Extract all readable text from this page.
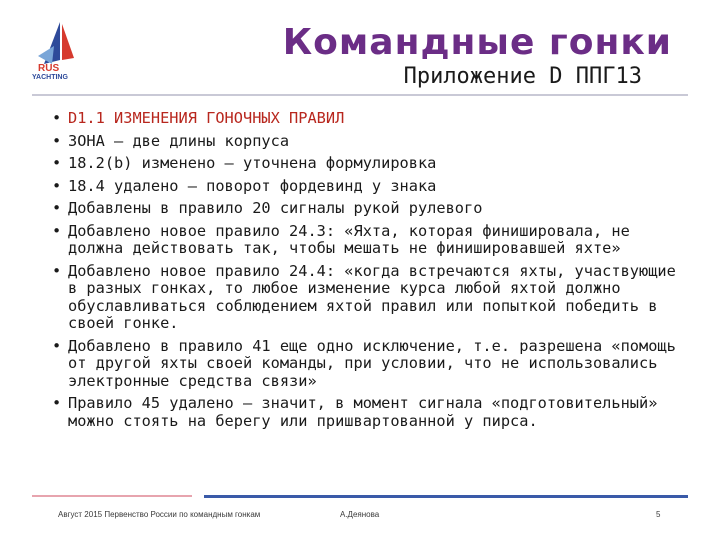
RUS
YACHTING
Командные гонки
Приложение D ППГ13
• D1.1 ИЗМЕНЕНИЯ ГОНОЧНЫХ ПРАВИЛ
• ЗОНА – две длины корпуса
• 18.2(b) изменено – уточнена формулировка
• 18.4 удалено – поворот фордевинд у знака
• Добавлены в правило 20 сигналы рукой рулевого
• Добавлено новое правило 24.3: «Яхта, которая финишировала, не должна действовать так, чтобы мешать не финишировавшей яхте»
• Добавлено новое правило 24.4: «когда встречаются яхты, участвующие в разных гонках, то любое изменение курса любой яхтой должно обуславливаться соблюдением яхтой правил или попыткой победить в своей гонке.
• Добавлено в правило 41 еще одно исключение, т.е. разрешена «помощь от другой яхты своей команды, при условии, что не использовались электронные средства связи»
• Правило 45 удалено – значит, в момент сигнала «подготовительный» можно стоять на берегу или пришвартованной у пирса.
Август 2015 Первенство России по командным гонкам	А.Деянова	5
